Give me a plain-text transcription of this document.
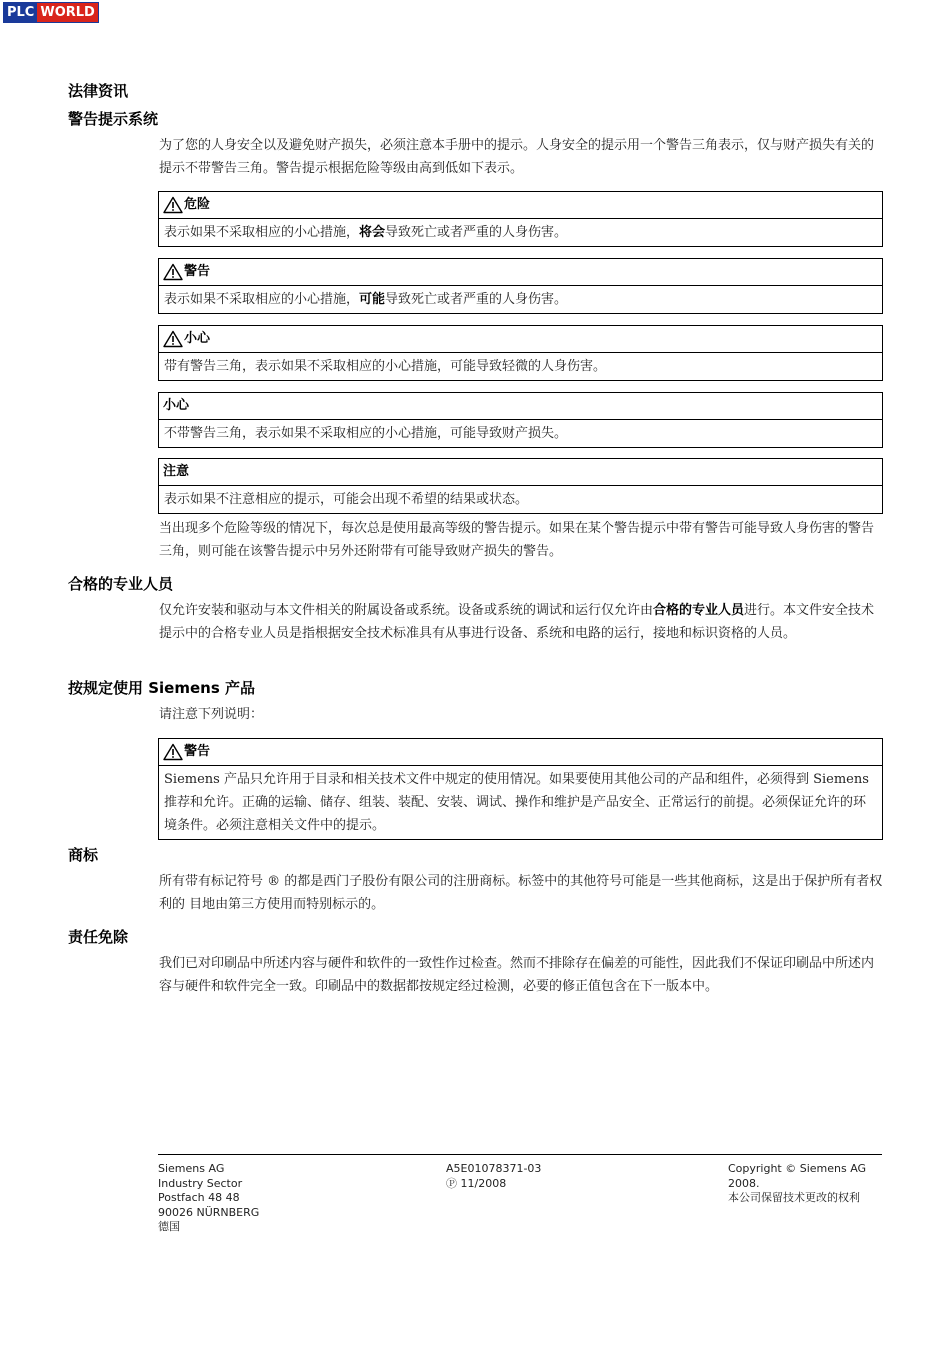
PLC WORLD
法律资讯
警告提示系统
为了您的人身安全以及避免财产损失，必须注意本手册中的提示。人身安全的提示用一个警告三角表示，仅与财产损失有关的提示不带警告三角。警告提示根据危险等级由高到低如下表示。
危险
表示如果不采取相应的小心措施，将会导致死亡或者严重的人身伤害。
警告
表示如果不采取相应的小心措施，可能导致死亡或者严重的人身伤害。
小心
带有警告三角，表示如果不采取相应的小心措施，可能导致轻微的人身伤害。
小心
不带警告三角，表示如果不采取相应的小心措施，可能导致财产损失。
注意
表示如果不注意相应的提示，可能会出现不希望的结果或状态。
当出现多个危险等级的情况下，每次总是使用最高等级的警告提示。如果在某个警告提示中带有警告可能导致人身伤害的警告三角，则可能在该警告提示中另外还附带有可能导致财产损失的警告。
合格的专业人员
仅允许安装和驱动与本文件相关的附属设备或系统。设备或系统的调试和运行仅允许由合格的专业人员进行。本文件安全技术提示中的合格专业人员是指根据安全技术标准具有从事进行设备、系统和电路的运行，接地和标识资格的人员。
按规定使用 Siemens 产品
请注意下列说明：
警告
Siemens 产品只允许用于目录和相关技术文件中规定的使用情况。如果要使用其他公司的产品和组件，必须得到 Siemens 推荐和允许。正确的运输、储存、组装、装配、安装、调试、操作和维护是产品安全、正常运行的前提。必须保证允许的环境条件。必须注意相关文件中的提示。
商标
所有带有标记符号 ® 的都是西门子股份有限公司的注册商标。标签中的其他符号可能是一些其他商标，这是出于保护所有者权利的 目地由第三方使用而特别标示的。
责任免除
我们已对印刷品中所述内容与硬件和软件的一致性作过检查。然而不排除存在偏差的可能性，因此我们不保证印刷品中所述内容与硬件和软件完全一致。印刷品中的数据都按规定经过检测，必要的修正值包含在下一版本中。
Siemens AG
Industry Sector
Postfach 48 48
90026 NÜRNBERG
德国
A5E01078371-03
Ⓟ 11/2008
Copyright © Siemens AG
2008.
本公司保留技术更改的权利
